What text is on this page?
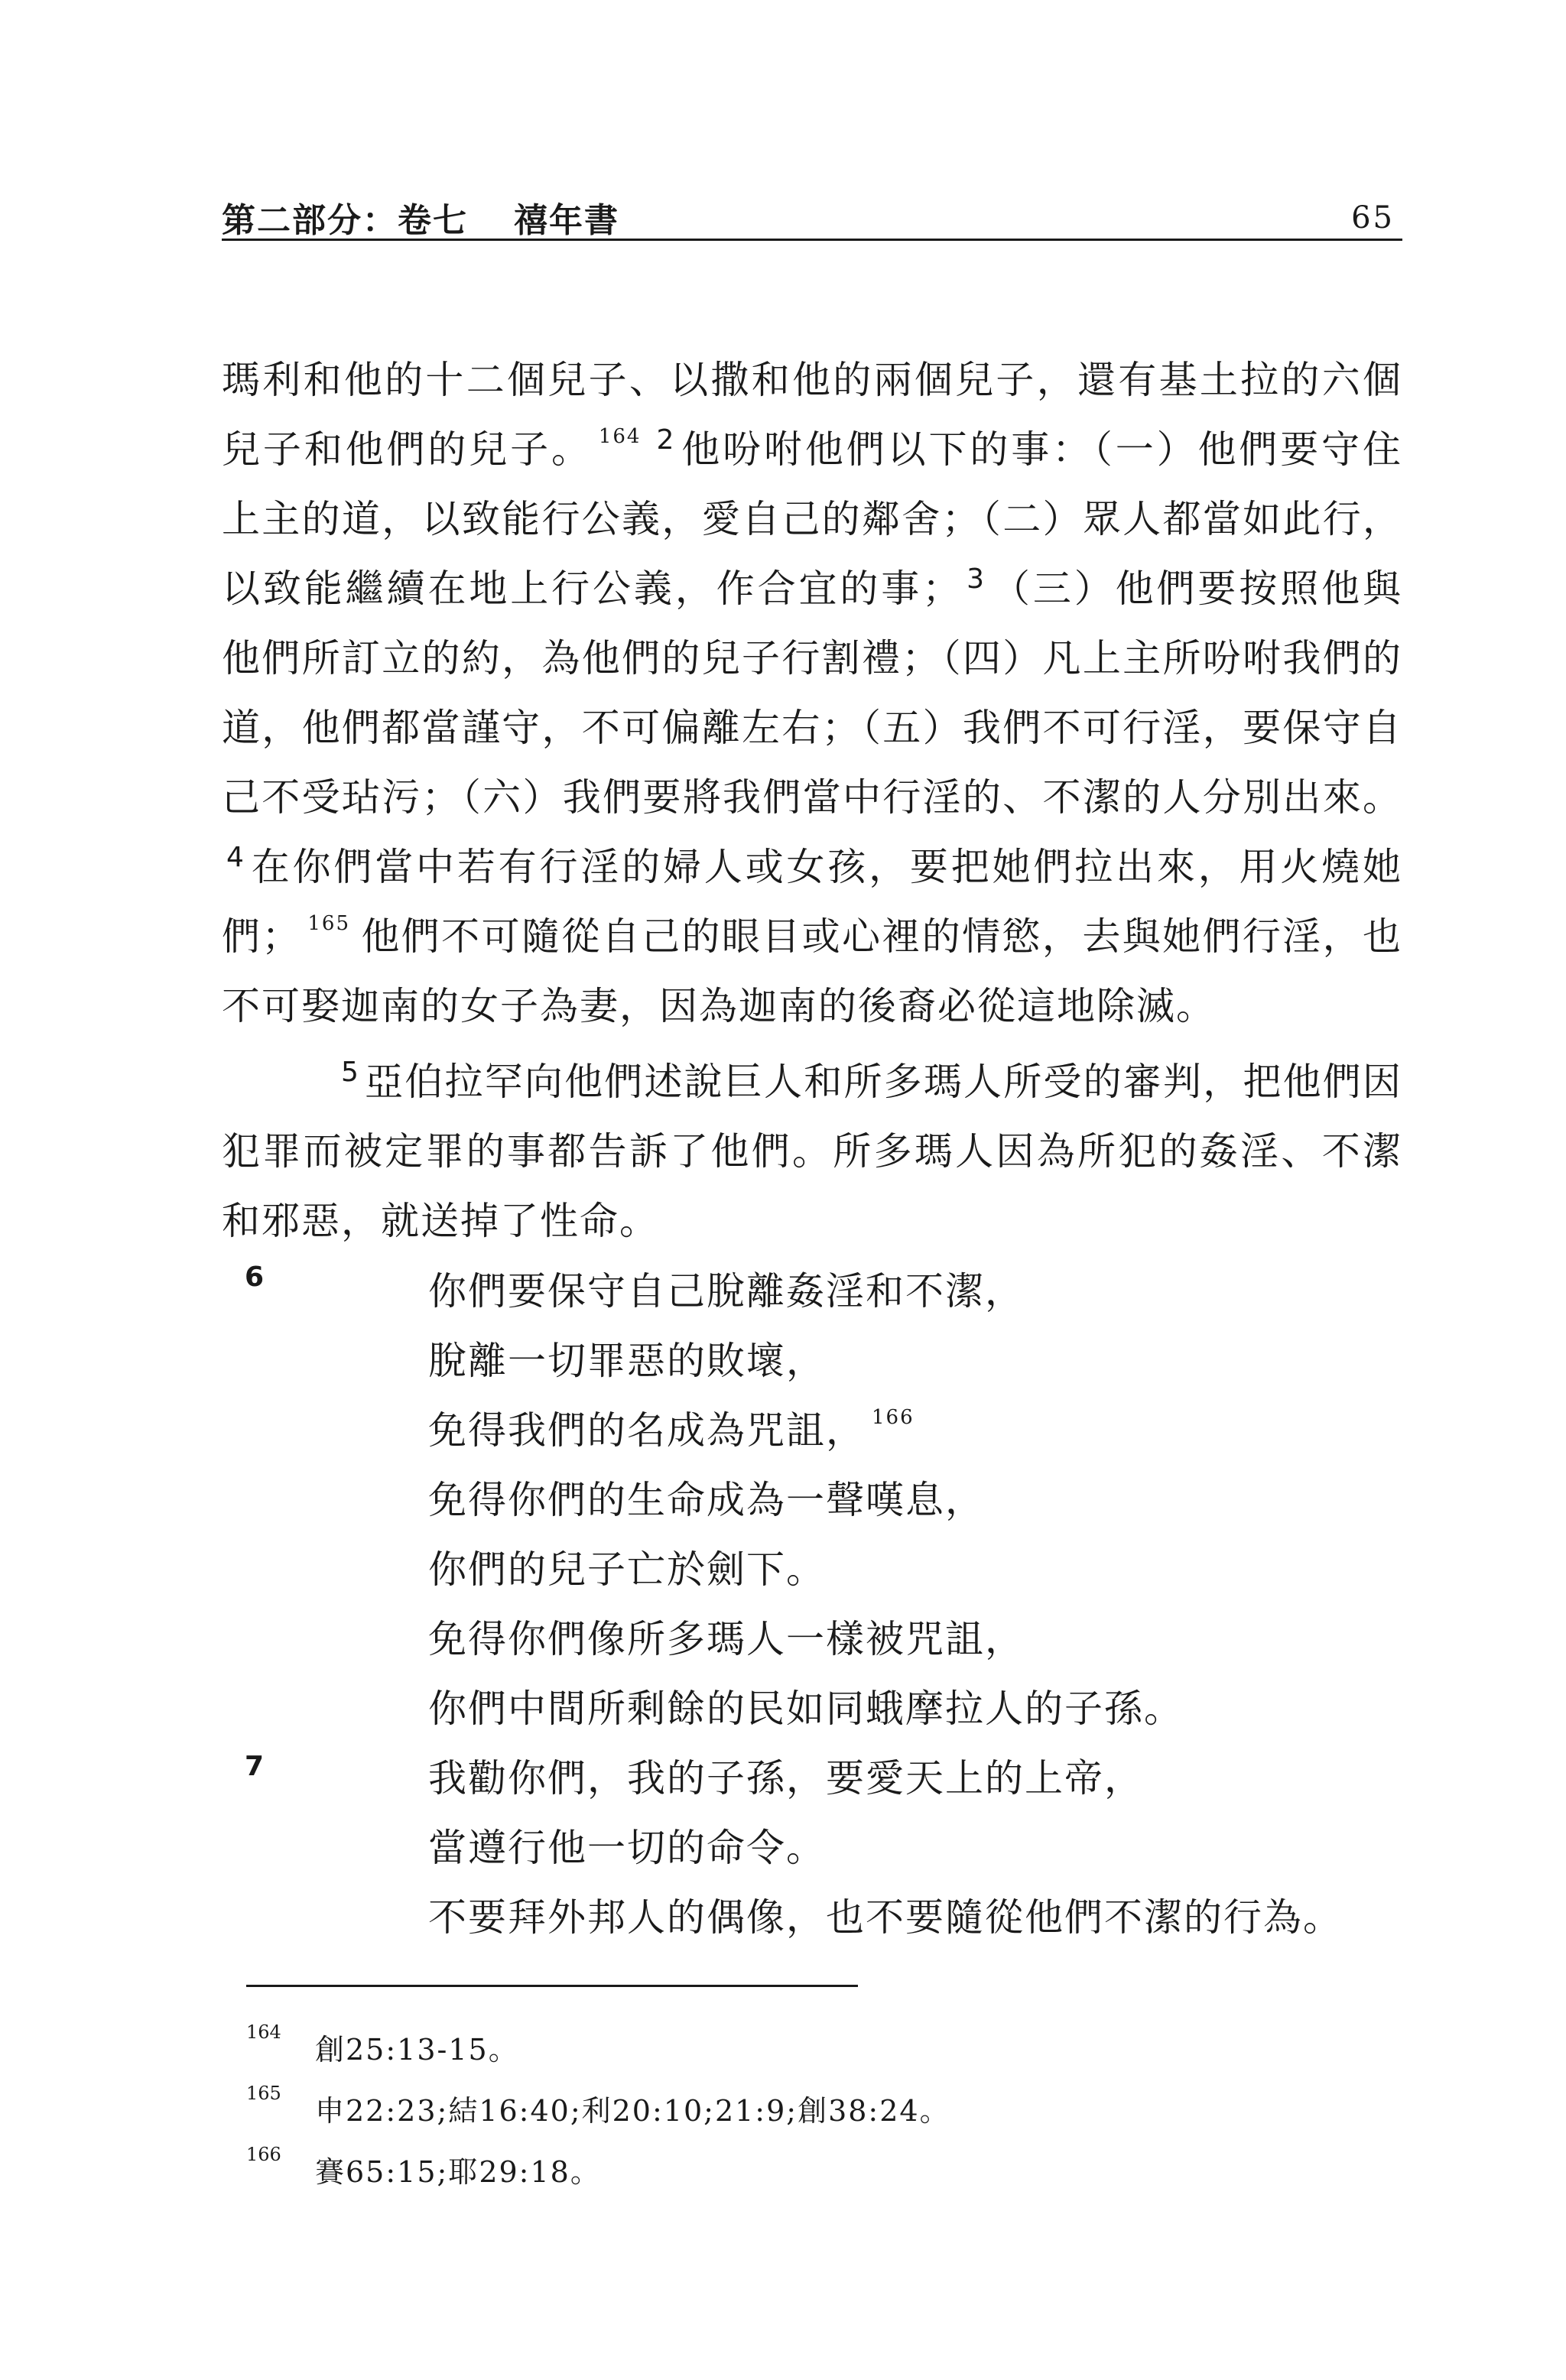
第二部分：卷七 禧年書	65

瑪利和他的十二個兒子、以撒和他的兩個兒子，還有基土拉的六個兒子和他們的兒子。 $^{164}$ $^2$ 他吩咐他們以下的事：（一）他們要守住上主的道，以致能行公義，愛自己的鄰舍；（二）眾人都當如此行，以致能繼續在地上行公義，作合宜的事； $^3$ （三）他們要按照他與他們所訂立的約，為他們的兒子行割禮；（四）凡上主所吩咐我們的道，他們都當謹守，不可偏離左右；（五）我們不可行淫，要保守自己不受玷污；（六）我們要將我們當中行淫的、不潔的人分別出來。$^4$ 在你們當中若有行淫的婦人或女孩，要把她們拉出來，用火燒她們； $^{165}$ 他們不可隨從自己的眼目或心裡的情慾，去與她們行淫，也不可娶迦南的女子為妻，因為迦南的後裔必從這地除滅。

$^5$ 亞伯拉罕向他們述說巨人和所多瑪人所受的審判，把他們因犯罪而被定罪的事都告訴了他們。所多瑪人因為所犯的姦淫、不潔和邪惡，就送掉了性命。

6
7
你們要保守自己脫離姦淫和不潔，
脫離一切罪惡的敗壞，
免得我們的名成為咒詛， $^{166}$
免得你們的生命成為一聲嘆息，
你們的兒子亡於劍下。
免得你們像所多瑪人一樣被咒詛，
你們中間所剩餘的民如同蛾摩拉人的子孫。
我勸你們，我的子孫，要愛天上的上帝，
當遵行他一切的命令。
不要拜外邦人的偶像，也不要隨從他們不潔的行為。
164
創25:13-15。
165
申22:23;結16:40;利20:10;21:9;創38:24。
166
賽65:15;耶29:18。
